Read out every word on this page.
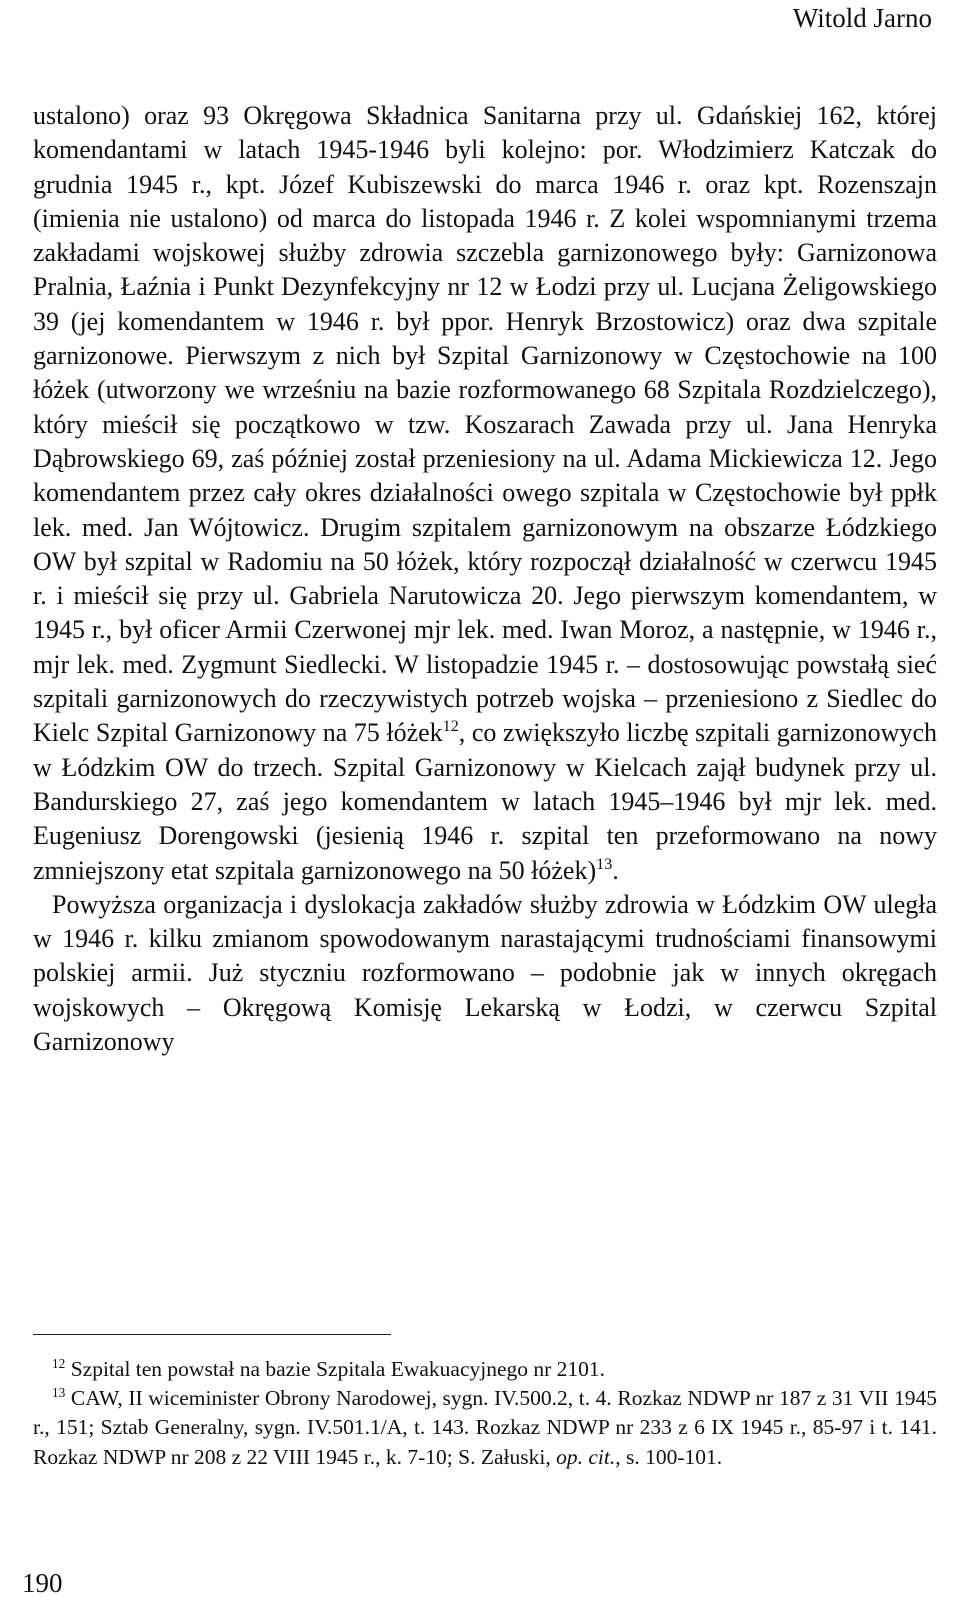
Witold Jarno

ustalono) oraz 93 Okręgowa Składnica Sanitarna przy ul. Gdańskiej 162, której komendantami w latach 1945-1946 byli kolejno: por. Włodzimierz Katczak do grudnia 1945 r., kpt. Józef Kubiszewski do marca 1946 r. oraz kpt. Rozenszajn (imienia nie ustalono) od marca do listopada 1946 r. Z kolei wspomnianymi trzema zakładami wojskowej służby zdrowia szczebla garnizonowego były: Garnizonowa Pralnia, Łaźnia i Punkt Dezynfekcyjny nr 12 w Łodzi przy ul. Lucjana Żeligowskiego 39 (jej komendantem w 1946 r. był ppor. Henryk Brzostowicz) oraz dwa szpitale garnizonowe. Pierwszym z nich był Szpital Garnizonowy w Częstochowie na 100 łóżek (utworzony we wrześniu na bazie rozformowanego 68 Szpitala Rozdzielczego), który mieścił się początkowo w tzw. Koszarach Zawada przy ul. Jana Henryka Dąbrowskiego 69, zaś później został przeniesiony na ul. Adama Mickiewicza 12. Jego komendantem przez cały okres działalności owego szpitala w Częstochowie był ppłk lek. med. Jan Wójtowicz. Drugim szpitalem garnizonowym na obszarze Łódzkiego OW był szpital w Radomiu na 50 łóżek, który rozpoczął działalność w czerwcu 1945 r. i mieścił się przy ul. Gabriela Narutowicza 20. Jego pierwszym komendantem, w 1945 r., był oficer Armii Czerwonej mjr lek. med. Iwan Moroz, a następnie, w 1946 r., mjr lek. med. Zygmunt Siedlecki. W listopadzie 1945 r. – dostosowując powstałą sieć szpitali garnizonowych do rzeczywistych potrzeb wojska – przeniesiono z Siedlec do Kielc Szpital Garnizonowy na 75 łóżek$^{12}$, co zwiększyło liczbę szpitali garnizonowych w Łódzkim OW do trzech. Szpital Garnizonowy w Kielcach zajął budynek przy ul. Bandurskiego 27, zaś jego komendantem w latach 1945–1946 był mjr lek. med. Eugeniusz Dorengowski (jesienią 1946 r. szpital ten przeformowano na nowy zmniejszony etat szpitala garnizonowego na 50 łóżek)$^{13}$.

Powyższa organizacja i dyslokacja zakładów służby zdrowia w Łódzkim OW uległa w 1946 r. kilku zmianom spowodowanym narastającymi trudnościami finansowymi polskiej armii. Już styczniu rozformowano – podobnie jak w innych okręgach wojskowych – Okręgową Komisję Lekarską w Łodzi, w czerwcu Szpital Garnizonowy

$^{12}$ Szpital ten powstał na bazie Szpitala Ewakuacyjnego nr 2101.

$^{13}$ CAW, II wiceminister Obrony Narodowej, sygn. IV.500.2, t. 4. Rozkaz NDWP nr 187 z 31 VII 1945 r., 151; Sztab Generalny, sygn. IV.501.1/A, t. 143. Rozkaz NDWP nr 233 z 6 IX 1945 r., 85-97 i t. 141. Rozkaz NDWP nr 208 z 22 VIII 1945 r., k. 7-10; S. Załuski, op. cit., s. 100-101.

190
